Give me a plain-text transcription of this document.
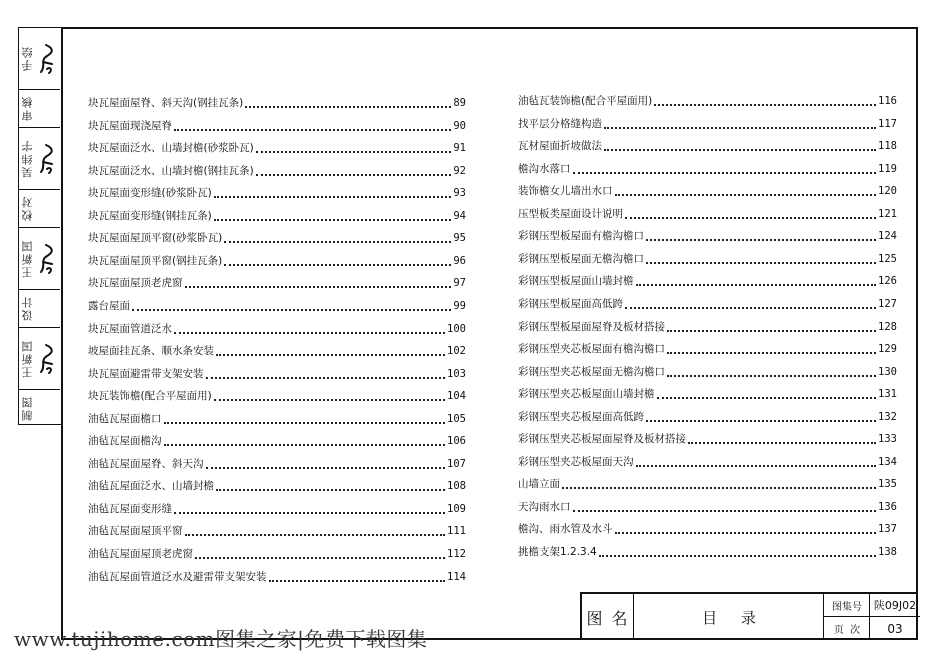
手绘
审核
吴纬宇
校对
王新国
设计
王新国
制图
块瓦屋面屋脊、斜天沟(钢挂瓦条)	89
块瓦屋面现浇屋脊	90
块瓦屋面泛水、山墙封檐(砂浆卧瓦)	91
块瓦屋面泛水、山墙封檐(钢挂瓦条)	92
块瓦屋面变形缝(砂浆卧瓦)	93
块瓦屋面变形缝(钢挂瓦条)	94
块瓦屋面屋顶平窗(砂浆卧瓦)	95
块瓦屋面屋顶平窗(钢挂瓦条)	96
块瓦屋面屋顶老虎窗	97
露台屋面	99
块瓦屋面管道泛水	100
坡屋面挂瓦条、顺水条安装	102
块瓦屋面避雷带支架安装	103
块瓦装饰檐(配合平屋面用)	104
油毡瓦屋面檐口	105
油毡瓦屋面檐沟	106
油毡瓦屋面屋脊、斜天沟	107
油毡瓦屋面泛水、山墙封檐	108
油毡瓦屋面变形缝	109
油毡瓦屋面屋顶平窗	111
油毡瓦屋面屋顶老虎窗	112
油毡瓦屋面管道泛水及避雷带支架安装	114
油毡瓦装饰檐(配合平屋面用)	116
找平层分格缝构造	117
瓦材屋面折坡做法	118
檐沟水落口	119
装饰檐女儿墙出水口	120
压型板类屋面设计说明	121
彩钢压型板屋面有檐沟檐口	124
彩钢压型板屋面无檐沟檐口	125
彩钢压型板屋面山墙封檐	126
彩钢压型板屋面高低跨	127
彩钢压型板屋面屋脊及板材搭接	128
彩钢压型夹芯板屋面有檐沟檐口	129
彩钢压型夹芯板屋面无檐沟檐口	130
彩钢压型夹芯板屋面山墙封檐	131
彩钢压型夹芯板屋面高低跨	132
彩钢压型夹芯板屋面屋脊及板材搭接	133
彩钢压型夹芯板屋面天沟	134
山墙立面	135
天沟雨水口	136
檐沟、雨水管及水斗	137
挑檐支架1.2.3.4	138
图 名	目     录
图集号	陕09J02
页  次	03
www.tujihome.com图集之家|免费下载图集
